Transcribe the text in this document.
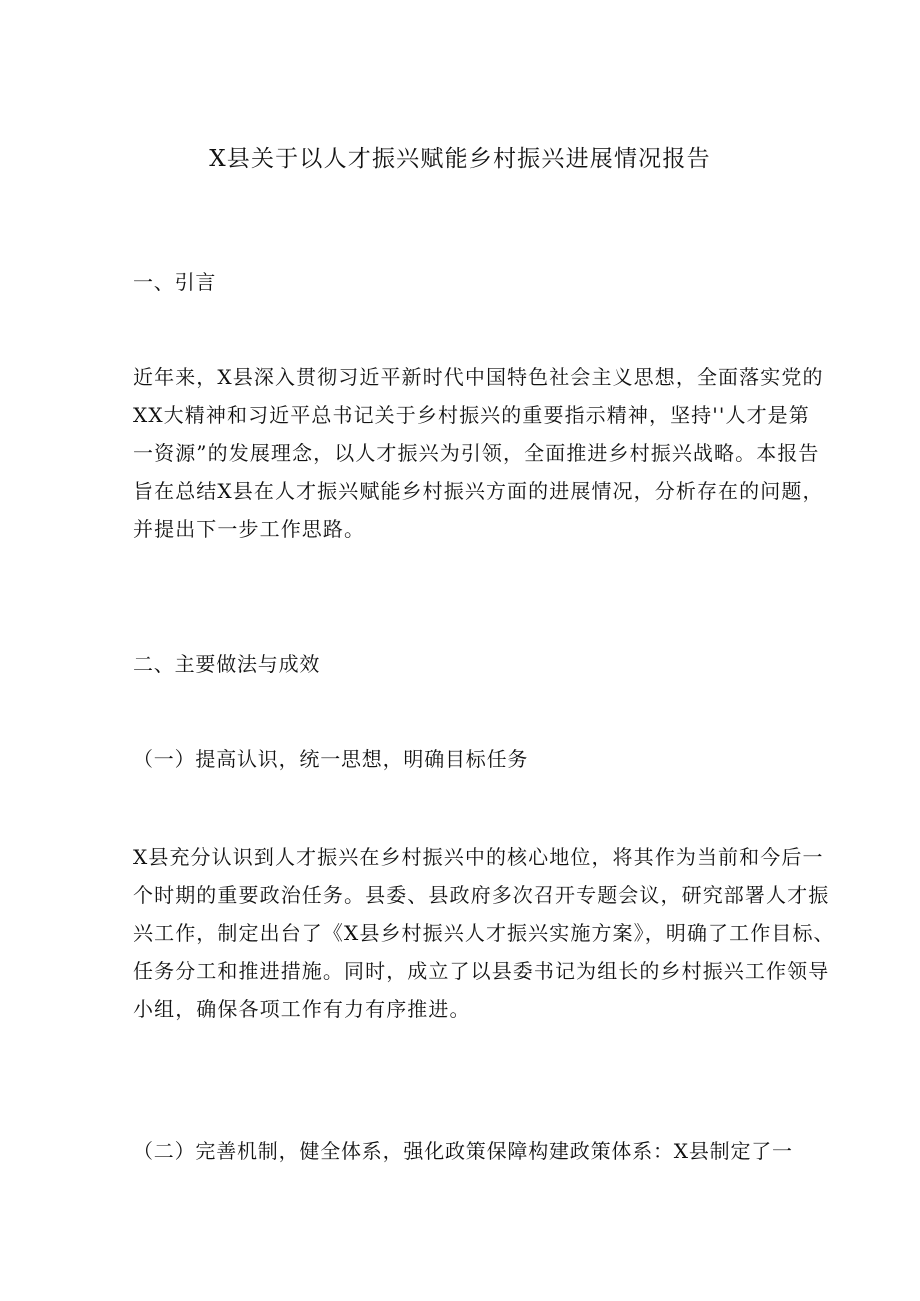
X县关于以人才振兴赋能乡村振兴进展情况报告
一、引言
近年来，X县深入贯彻习近平新时代中国特色社会主义思想，全面落实党的
XX大精神和习近平总书记关于乡村振兴的重要指示精神，坚持''人才是第
一资源”的发展理念，以人才振兴为引领，全面推进乡村振兴战略。本报告
旨在总结X县在人才振兴赋能乡村振兴方面的进展情况，分析存在的问题，
并提出下一步工作思路。
二、主要做法与成效
（一）提高认识，统一思想，明确目标任务
X县充分认识到人才振兴在乡村振兴中的核心地位，将其作为当前和今后一
个时期的重要政治任务。县委、县政府多次召开专题会议，研究部署人才振
兴工作，制定出台了《X县乡村振兴人才振兴实施方案》，明确了工作目标、
任务分工和推进措施。同时，成立了以县委书记为组长的乡村振兴工作领导
小组，确保各项工作有力有序推进。
（二）完善机制，健全体系，强化政策保障构建政策体系：X县制定了一
